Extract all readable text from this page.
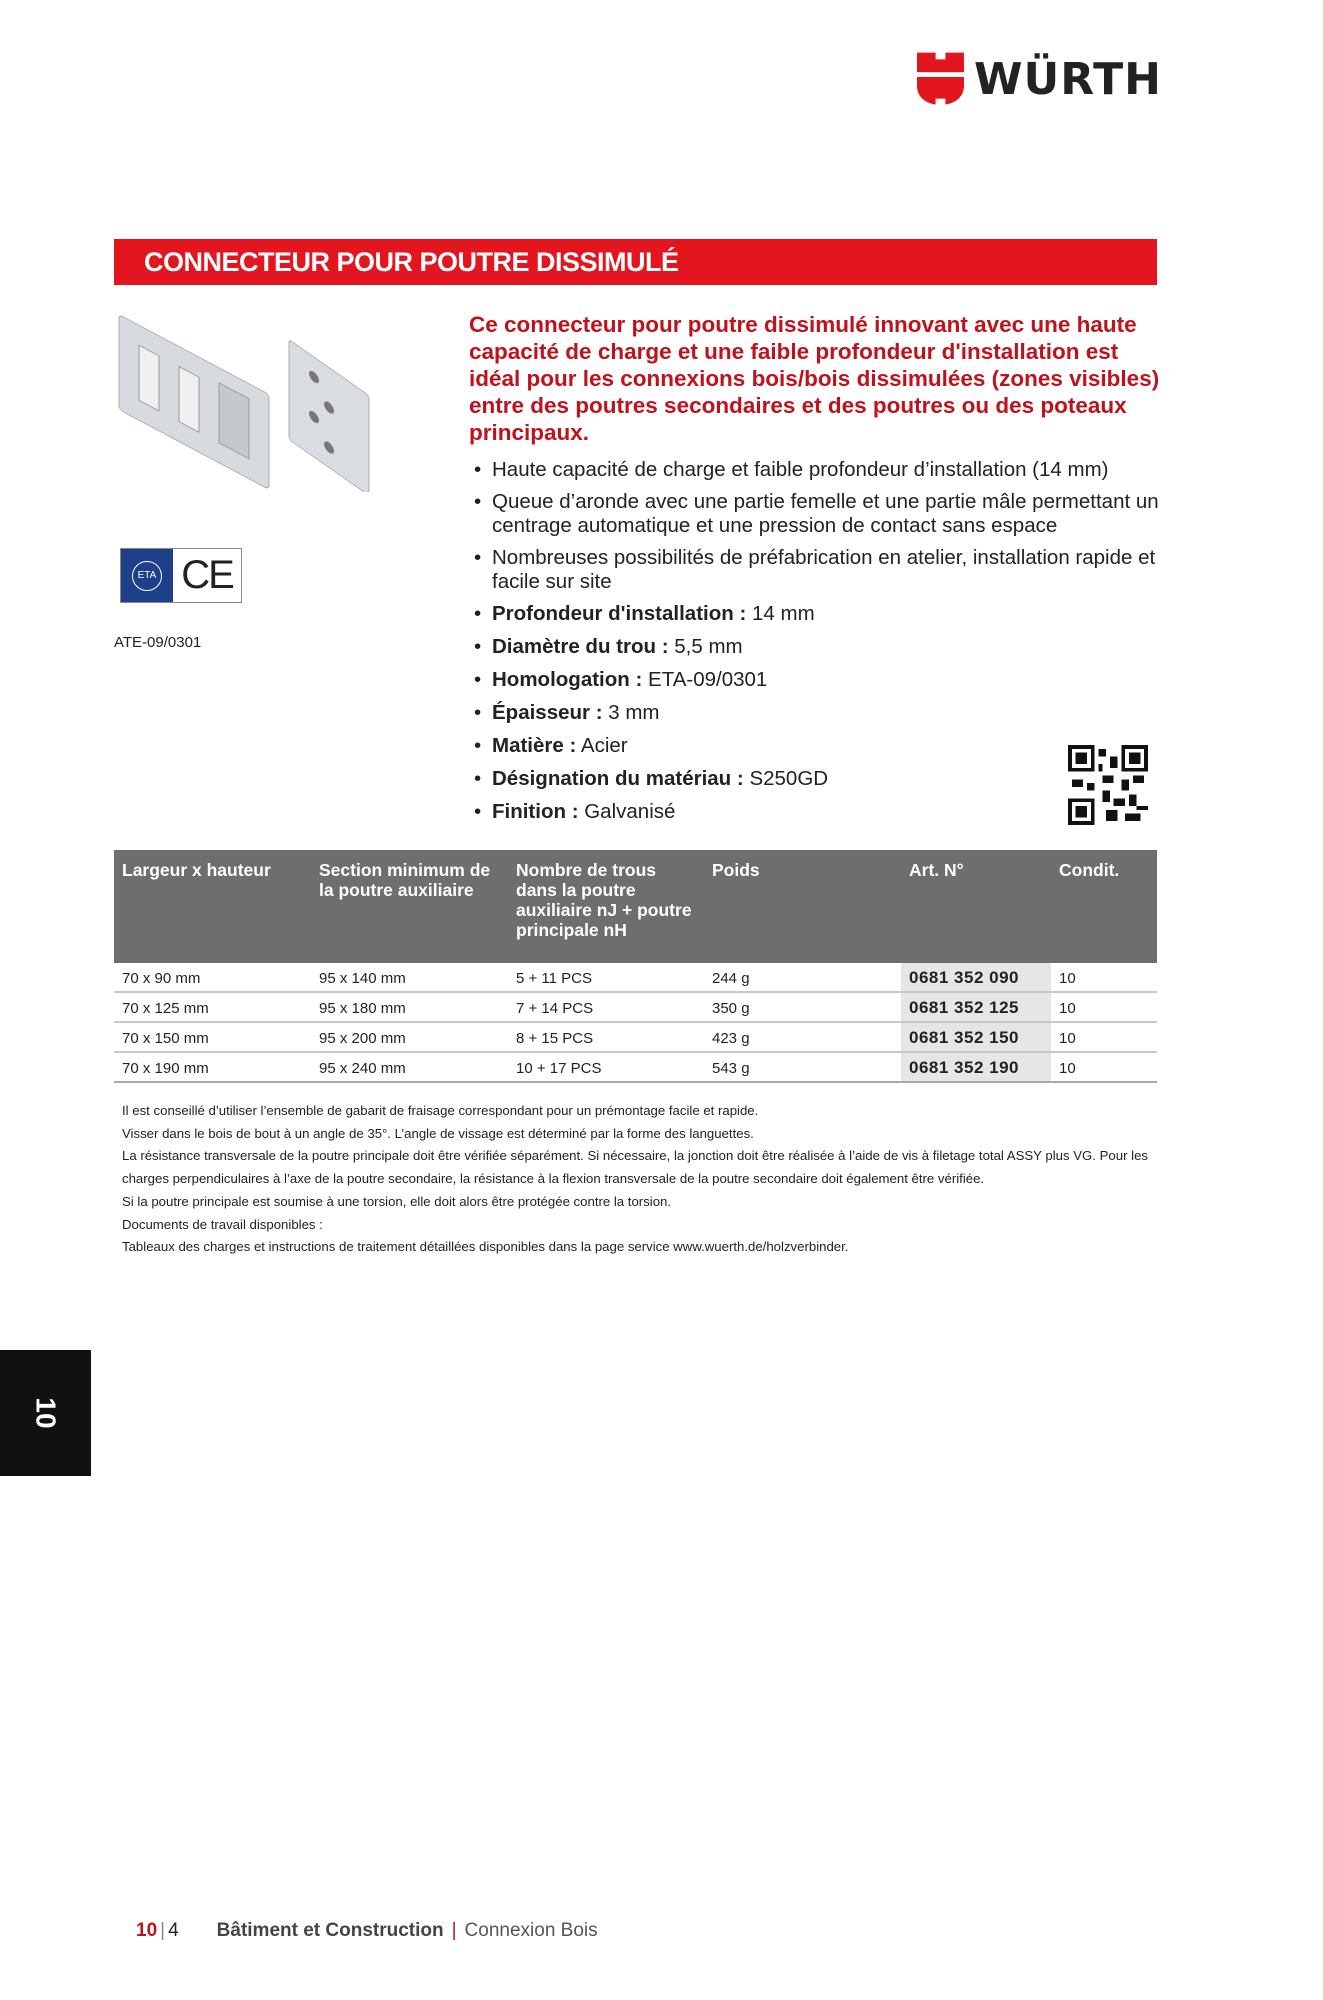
WÜRTH
CONNECTEUR POUR POUTRE DISSIMULÉ
ETA CE
ATE-09/0301
Ce connecteur pour poutre dissimulé innovant avec une haute capacité de charge et une faible profondeur d'installation est idéal pour les connexions bois/bois dissimulées (zones visibles) entre des poutres secondaires et des poutres ou des poteaux principaux.
• Haute capacité de charge et faible profondeur d’installation (14 mm)
• Queue d’aronde avec une partie femelle et une partie mâle permettant un centrage automatique et une pression de contact sans espace
• Nombreuses possibilités de préfabrication en atelier, installation rapide et facile sur site
• Profondeur d'installation : 14 mm
• Diamètre du trou : 5,5 mm
• Homologation : ETA-09/0301
• Épaisseur : 3 mm
• Matière : Acier
• Désignation du matériau : S250GD
• Finition : Galvanisé
Largeur x hauteur	Section minimum de la poutre auxiliaire	Nombre de trous dans la poutre auxiliaire nJ + poutre principale nH	Poids	Art. N°	Condit.
70 x 90 mm	95 x 140 mm	5 + 11 PCS	244 g	0681 352 090	10
70 x 125 mm	95 x 180 mm	7 + 14 PCS	350 g	0681 352 125	10
70 x 150 mm	95 x 200 mm	8 + 15 PCS	423 g	0681 352 150	10
70 x 190 mm	95 x 240 mm	10 + 17 PCS	543 g	0681 352 190	10

Il est conseillé d’utiliser l’ensemble de gabarit de fraisage correspondant pour un prémontage facile et rapide.

Visser dans le bois de bout à un angle de 35°. L’angle de vissage est déterminé par la forme des languettes.

La résistance transversale de la poutre principale doit être vérifiée séparément. Si nécessaire, la jonction doit être réalisée à l’aide de vis à filetage total ASSY plus VG. Pour les charges perpendiculaires à l’axe de la poutre secondaire, la résistance à la flexion transversale de la poutre secondaire doit également être vérifiée.

Si la poutre principale est soumise à une torsion, elle doit alors être protégée contre la torsion.

Documents de travail disponibles :

Tableaux des charges et instructions de traitement détaillées disponibles dans la page service www.wuerth.de/holzverbinder.

10
10 | 4 Bâtiment et Construction | Connexion Bois
